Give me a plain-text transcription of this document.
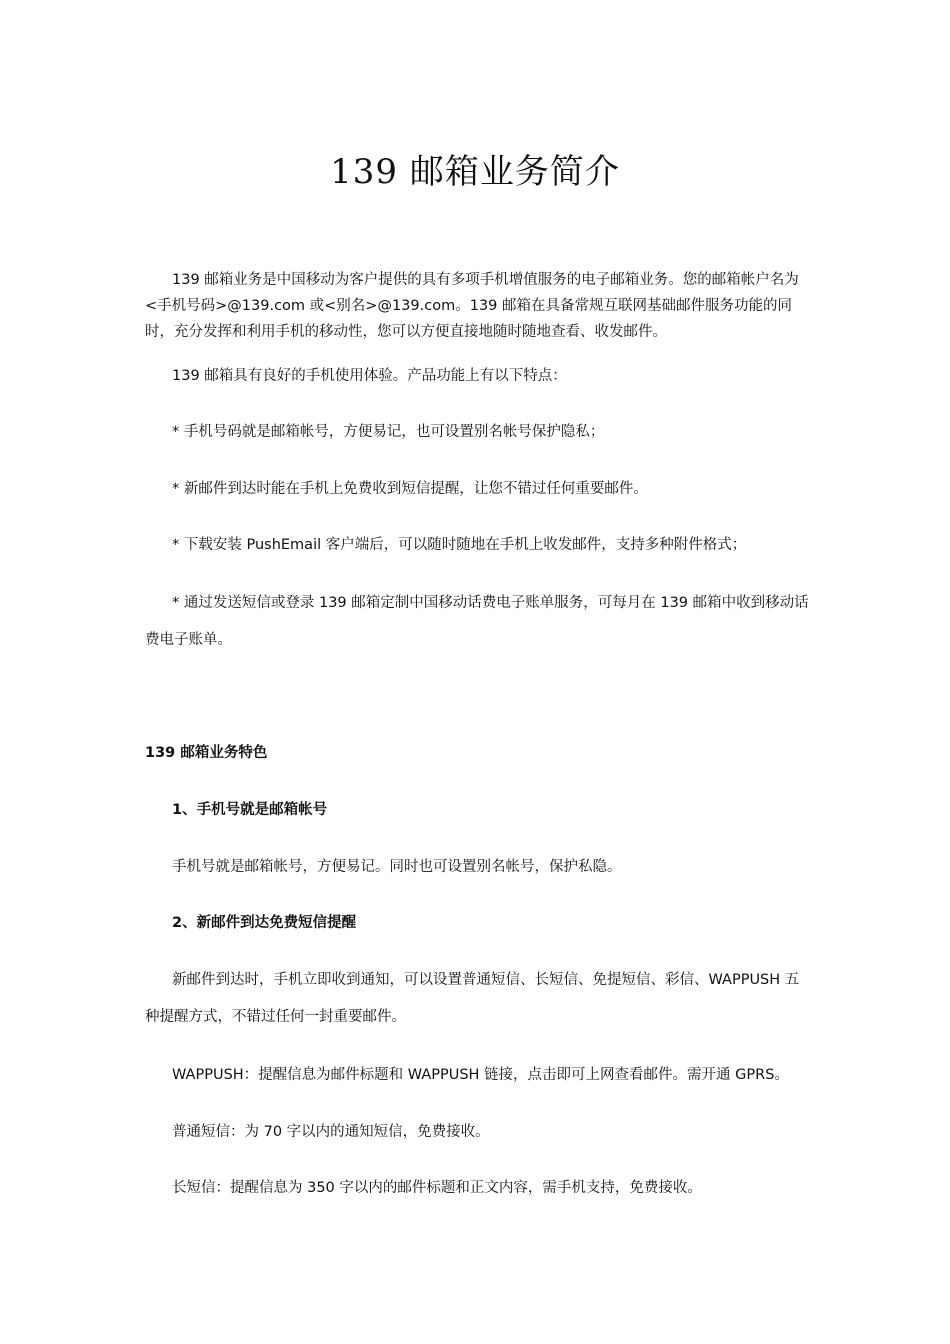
139 邮箱业务简介
139 邮箱业务是中国移动为客户提供的具有多项手机增值服务的电子邮箱业务。您的邮箱帐户名为<手机号码>@139.com 或<别名>@139.com。139 邮箱在具备常规互联网基础邮件服务功能的同时，充分发挥和利用手机的移动性，您可以方便直接地随时随地查看、收发邮件。
139 邮箱具有良好的手机使用体验。产品功能上有以下特点：
* 手机号码就是邮箱帐号，方便易记，也可设置别名帐号保护隐私；
* 新邮件到达时能在手机上免费收到短信提醒，让您不错过任何重要邮件。
* 下载安装 PushEmail 客户端后，可以随时随地在手机上收发邮件，支持多种附件格式；
* 通过发送短信或登录 139 邮箱定制中国移动话费电子账单服务，可每月在 139 邮箱中收到移动话费电子账单。
139 邮箱业务特色
1、手机号就是邮箱帐号
手机号就是邮箱帐号，方便易记。同时也可设置别名帐号，保护私隐。
2、新邮件到达免费短信提醒
新邮件到达时，手机立即收到通知，可以设置普通短信、长短信、免提短信、彩信、WAPPUSH 五种提醒方式，不错过任何一封重要邮件。
WAPPUSH：提醒信息为邮件标题和 WAPPUSH 链接，点击即可上网查看邮件。需开通 GPRS。
普通短信：为 70 字以内的通知短信，免费接收。
长短信：提醒信息为 350 字以内的邮件标题和正文内容，需手机支持，免费接收。
